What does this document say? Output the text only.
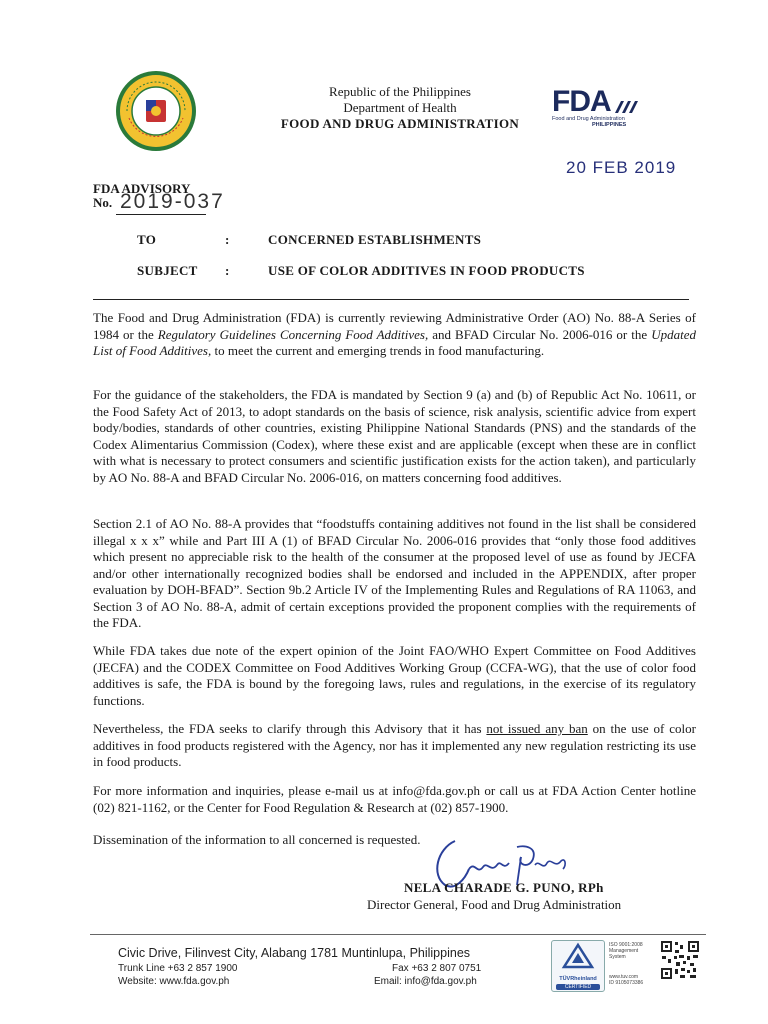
Republic of the Philippines
Department of Health
FOOD AND DRUG ADMINISTRATION
FDA
Food and Drug Administration
PHILIPPINES
20 FEB 2019
FDA ADVISORY
No. 2019-037
TO	:	CONCERNED ESTABLISHMENTS
SUBJECT :	USE OF COLOR ADDITIVES IN FOOD PRODUCTS
The Food and Drug Administration (FDA) is currently reviewing Administrative Order (AO) No. 88-A Series of 1984 or the Regulatory Guidelines Concerning Food Additives, and BFAD Circular No. 2006-016 or the Updated List of Food Additives, to meet the current and emerging trends in food manufacturing.
For the guidance of the stakeholders, the FDA is mandated by Section 9 (a) and (b) of Republic Act No. 10611, or the Food Safety Act of 2013, to adopt standards on the basis of science, risk analysis, scientific advice from expert body/bodies, standards of other countries, existing Philippine National Standards (PNS) and the standards of the Codex Alimentarius Commission (Codex), where these exist and are applicable (except when these are in conflict with what is necessary to protect consumers and scientific justification exists for the action taken), and particularly by AO No. 88-A and BFAD Circular No. 2006-016, on matters concerning food additives.
Section 2.1 of AO No. 88-A provides that “foodstuffs containing additives not found in the list shall be considered illegal x x x” while and Part III A (1) of BFAD Circular No. 2006-016 provides that “only those food additives which present no appreciable risk to the health of the consumer at the proposed level of use as found by JECFA and/or other internationally recognized bodies shall be endorsed and included in the APPENDIX, after proper evaluation by DOH-BFAD”. Section 9b.2 Article IV of the Implementing Rules and Regulations of RA 11063, and Section 3 of AO No. 88-A, admit of certain exceptions provided the proponent complies with the requirements of the FDA.
While FDA takes due note of the expert opinion of the Joint FAO/WHO Expert Committee on Food Additives (JECFA) and the CODEX Committee on Food Additives Working Group (CCFA-WG), that the use of color food additives is safe, the FDA is bound by the foregoing laws, rules and regulations, in the exercise of its regulatory functions.
Nevertheless, the FDA seeks to clarify through this Advisory that it has not issued any ban on the use of color additives in food products registered with the Agency, nor has it implemented any new regulation restricting its use in food products.
For more information and inquiries, please e-mail us at info@fda.gov.ph or call us at FDA Action Center hotline (02) 821-1162, or the Center for Food Regulation & Research at (02) 857-1900.
Dissemination of the information to all concerned is requested.
NELA CHARADE G. PUNO, RPh
Director General, Food and Drug Administration
Civic Drive, Filinvest City, Alabang 1781 Muntinlupa, Philippines
Trunk Line +63 2 857 1900	Fax +63 2 807 0751
Website: www.fda.gov.ph	Email: info@fda.gov.ph	TÜVRheinland
CERTIFIED
ISO 9001:2008
Management
System
www.tuv.com
ID 9105073386
